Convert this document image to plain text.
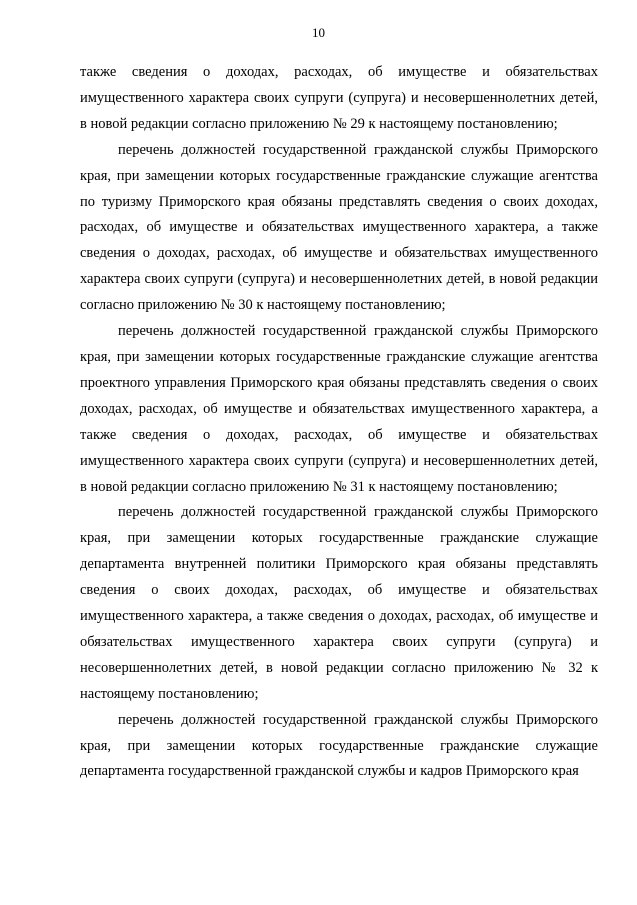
10

также сведения о доходах, расходах, об имуществе и обязательствах имущественного характера своих супруги (супруга) и несовершеннолетних детей, в новой редакции согласно приложению № 29 к настоящему постановлению;

перечень должностей государственной гражданской службы Приморского края, при замещении которых государственные гражданские служащие агентства по туризму Приморского края обязаны представлять сведения о своих доходах, расходах, об имуществе и обязательствах имущественного характера, а также сведения о доходах, расходах, об имуществе и обязательствах имущественного характера своих супруги (супруга) и несовершеннолетних детей, в новой редакции согласно приложению № 30 к настоящему постановлению;

перечень должностей государственной гражданской службы Приморского края, при замещении которых государственные гражданские служащие агентства проектного управления Приморского края обязаны представлять сведения о своих доходах, расходах, об имуществе и обязательствах имущественного характера, а также сведения о доходах, расходах, об имуществе и обязательствах имущественного характера своих супруги (супруга) и несовершеннолетних детей, в новой редакции согласно приложению № 31 к настоящему постановлению;

перечень должностей государственной гражданской службы Приморского края, при замещении которых государственные гражданские служащие департамента внутренней политики Приморского края обязаны представлять сведения о своих доходах, расходах, об имуществе и обязательствах имущественного характера, а также сведения о доходах, расходах, об имуществе и обязательствах имущественного характера своих супруги (супруга) и несовершеннолетних детей, в новой редакции согласно приложению № 32 к настоящему постановлению;

перечень должностей государственной гражданской службы Приморского края, при замещении которых государственные гражданские служащие департамента государственной гражданской службы и кадров Приморского края
